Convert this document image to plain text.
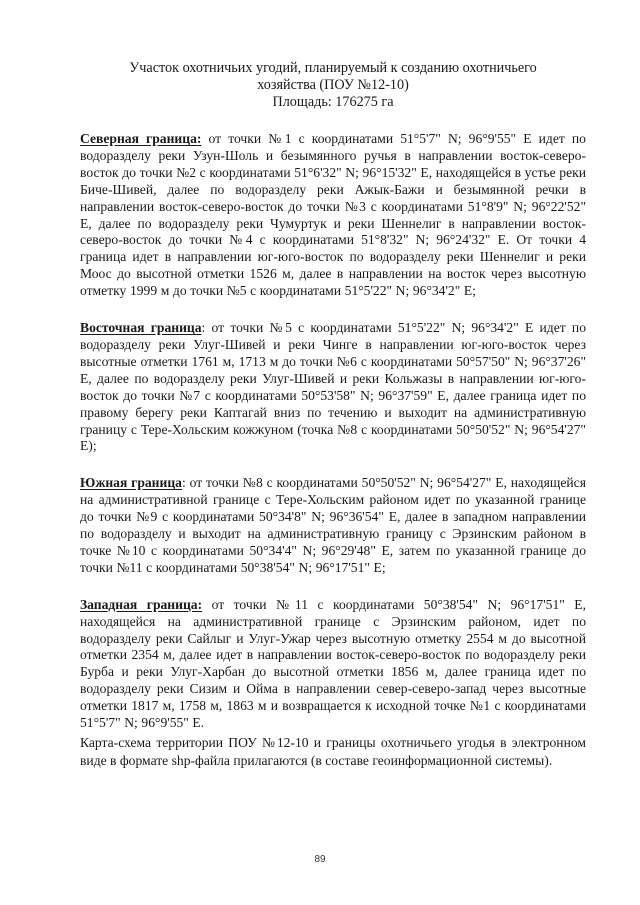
Участок охотничьих угодий, планируемый к созданию охотничьего
хозяйства (ПОУ №12-10)
Площадь: 176275 га

Северная граница: от точки №1 с координатами 51°5'7" N; 96°9'55" E идет по водоразделу реки Узун-Шоль и безымянного ручья в направлении восток-северо-восток до точки №2 с координатами 51°6'32" N; 96°15'32" E, находящейся в устье реки Биче-Шивей, далее по водоразделу реки Ажык-Бажи и безымянной речки в направлении восток-северо-восток до точки №3 с координатами 51°8'9" N; 96°22'52" E, далее по водоразделу реки Чумуртук и реки Шеннелиг в направлении восток-северо-восток до точки №4 с координатами 51°8'32" N; 96°24'32" E. От точки 4 граница идет в направлении юг-юго-восток по водоразделу реки Шеннелиг и реки Моос до высотной отметки 1526 м, далее в направлении на восток через высотную отметку 1999 м до точки №5 с координатами 51°5'22" N; 96°34'2" E;

Восточная граница: от точки №5 с координатами 51°5'22" N; 96°34'2" E идет по водоразделу реки Улуг-Шивей и реки Чинге в направлении юг-юго-восток через высотные отметки 1761 м, 1713 м до точки №6 с координатами 50°57'50" N; 96°37'26" E, далее по водоразделу реки Улуг-Шивей и реки Кольжазы в направлении юг-юго-восток до точки №7 с координатами 50°53'58" N; 96°37'59" E, далее граница идет по правому берегу реки Каптагай вниз по течению и выходит на административную границу с Тере-Хольским кожжуном (точка №8 с координатами 50°50'52" N; 96°54'27" E);

Южная граница: от точки №8 с координатами 50°50'52" N; 96°54'27" E, находящейся на административной границе с Тере-Хольским районом идет по указанной границе до точки №9 с координатами 50°34'8" N; 96°36'54" E, далее в западном направлении по водоразделу и выходит на административную границу с Эрзинским районом в точке №10 с координатами 50°34'4" N; 96°29'48" E, затем по указанной границе до точки №11 с координатами 50°38'54" N; 96°17'51" E;

Западная граница: от точки №11 с координатами 50°38'54" N; 96°17'51" E, находящейся на административной границе с Эрзинским районом, идет по водоразделу реки Сайлыг и Улуг-Ужар через высотную отметку 2554 м до высотной отметки 2354 м, далее идет в направлении восток-северо-восток по водоразделу реки Бурба и реки Улуг-Харбан до высотной отметки 1856 м, далее граница идет по водоразделу реки Сизим и Ойма в направлении север-северо-запад через высотные отметки 1817 м, 1758 м, 1863 м и возвращается к исходной точке №1 с координатами 51°5'7" N; 96°9'55" E.

Карта-схема территории ПОУ №12-10 и границы охотничьего угодья в электронном виде в формате shp-файла прилагаются (в составе геоинформационной системы).

89
